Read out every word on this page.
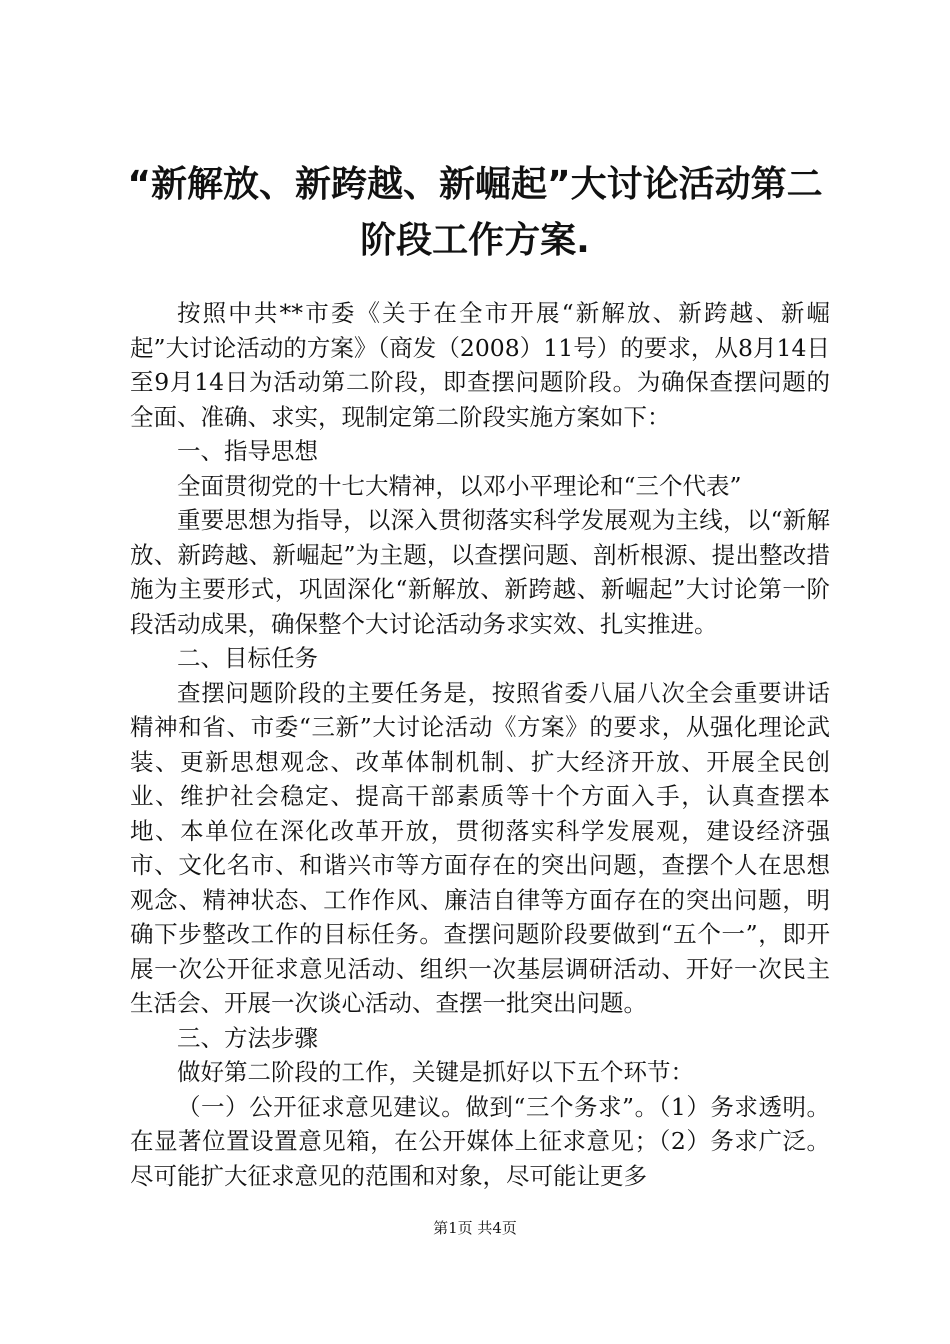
“新解放、新跨越、新崛起”大讨论活动第二
阶段工作方案.

按照中共**市委《关于在全市开展“新解放、新跨越、新崛起”大讨论活动的方案》（商发（2008）11号）的要求，从8月14日至9月14日为活动第二阶段，即查摆问题阶段。为确保查摆问题的全面、准确、求实，现制定第二阶段实施方案如下：

一、指导思想

全面贯彻党的十七大精神，以邓小平理论和“三个代表”

重要思想为指导，以深入贯彻落实科学发展观为主线，以“新解放、新跨越、新崛起”为主题，以查摆问题、剖析根源、提出整改措施为主要形式，巩固深化“新解放、新跨越、新崛起”大讨论第一阶段活动成果，确保整个大讨论活动务求实效、扎实推进。

二、目标任务

查摆问题阶段的主要任务是，按照省委八届八次全会重要讲话精神和省、市委“三新”大讨论活动《方案》的要求，从强化理论武装、更新思想观念、改革体制机制、扩大经济开放、开展全民创业、维护社会稳定、提高干部素质等十个方面入手，认真查摆本地、本单位在深化改革开放，贯彻落实科学发展观，建设经济强市、文化名市、和谐兴市等方面存在的突出问题，查摆个人在思想观念、精神状态、工作作风、廉洁自律等方面存在的突出问题，明确下步整改工作的目标任务。查摆问题阶段要做到“五个一”，即开展一次公开征求意见活动、组织一次基层调研活动、开好一次民主生活会、开展一次谈心活动、查摆一批突出问题。

三、方法步骤

做好第二阶段的工作，关键是抓好以下五个环节：

（一）公开征求意见建议。做到“三个务求”。（1）务求透明。在显著位置设置意见箱，在公开媒体上征求意见；（2）务求广泛。尽可能扩大征求意见的范围和对象，尽可能让更多

第1页 共4页
